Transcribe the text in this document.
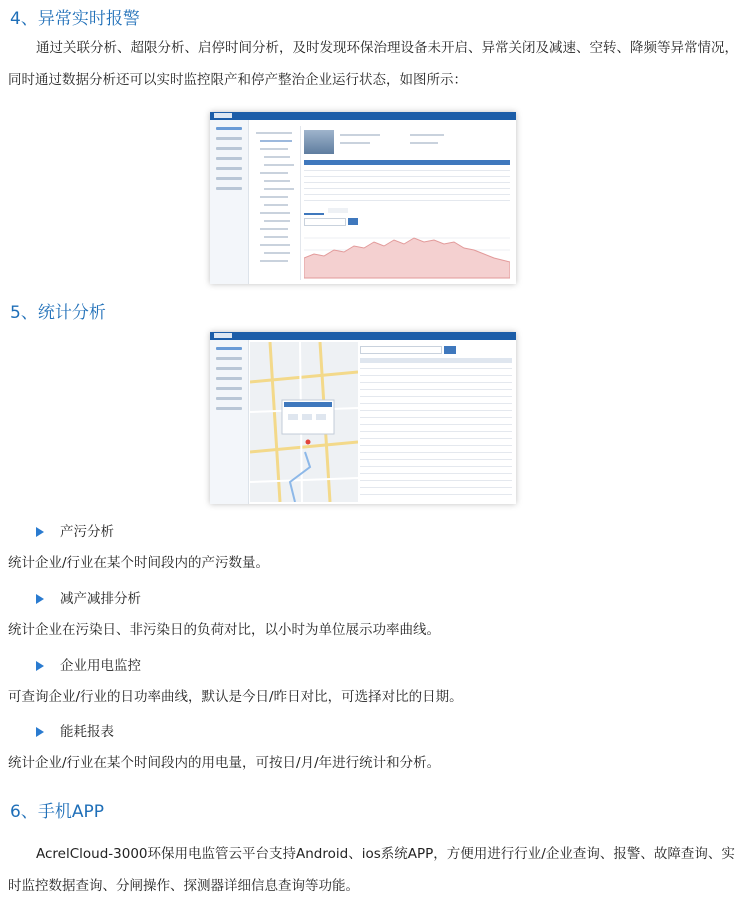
4、异常实时报警

通过关联分析、超限分析、启停时间分析，及时发现环保治理设备未开启、异常关闭及减速、空转、降频等异常情况，同时通过数据分析还可以实时监控限产和停产整治企业运行状态，如图所示：

5、统计分析
产污分析

统计企业/行业在某个时间段内的产污数量。

减产减排分析

统计企业在污染日、非污染日的负荷对比，以小时为单位展示功率曲线。

企业用电监控

可查询企业/行业的日功率曲线，默认是今日/昨日对比，可选择对比的日期。

能耗报表

统计企业/行业在某个时间段内的用电量，可按日/月/年进行统计和分析。

6、手机APP

AcrelCloud-3000环保用电监管云平台支持Android、ios系统APP，方便用进行行业/企业查询、报警、故障查询、实时监控数据查询、分闸操作、探测器详细信息查询等功能。
